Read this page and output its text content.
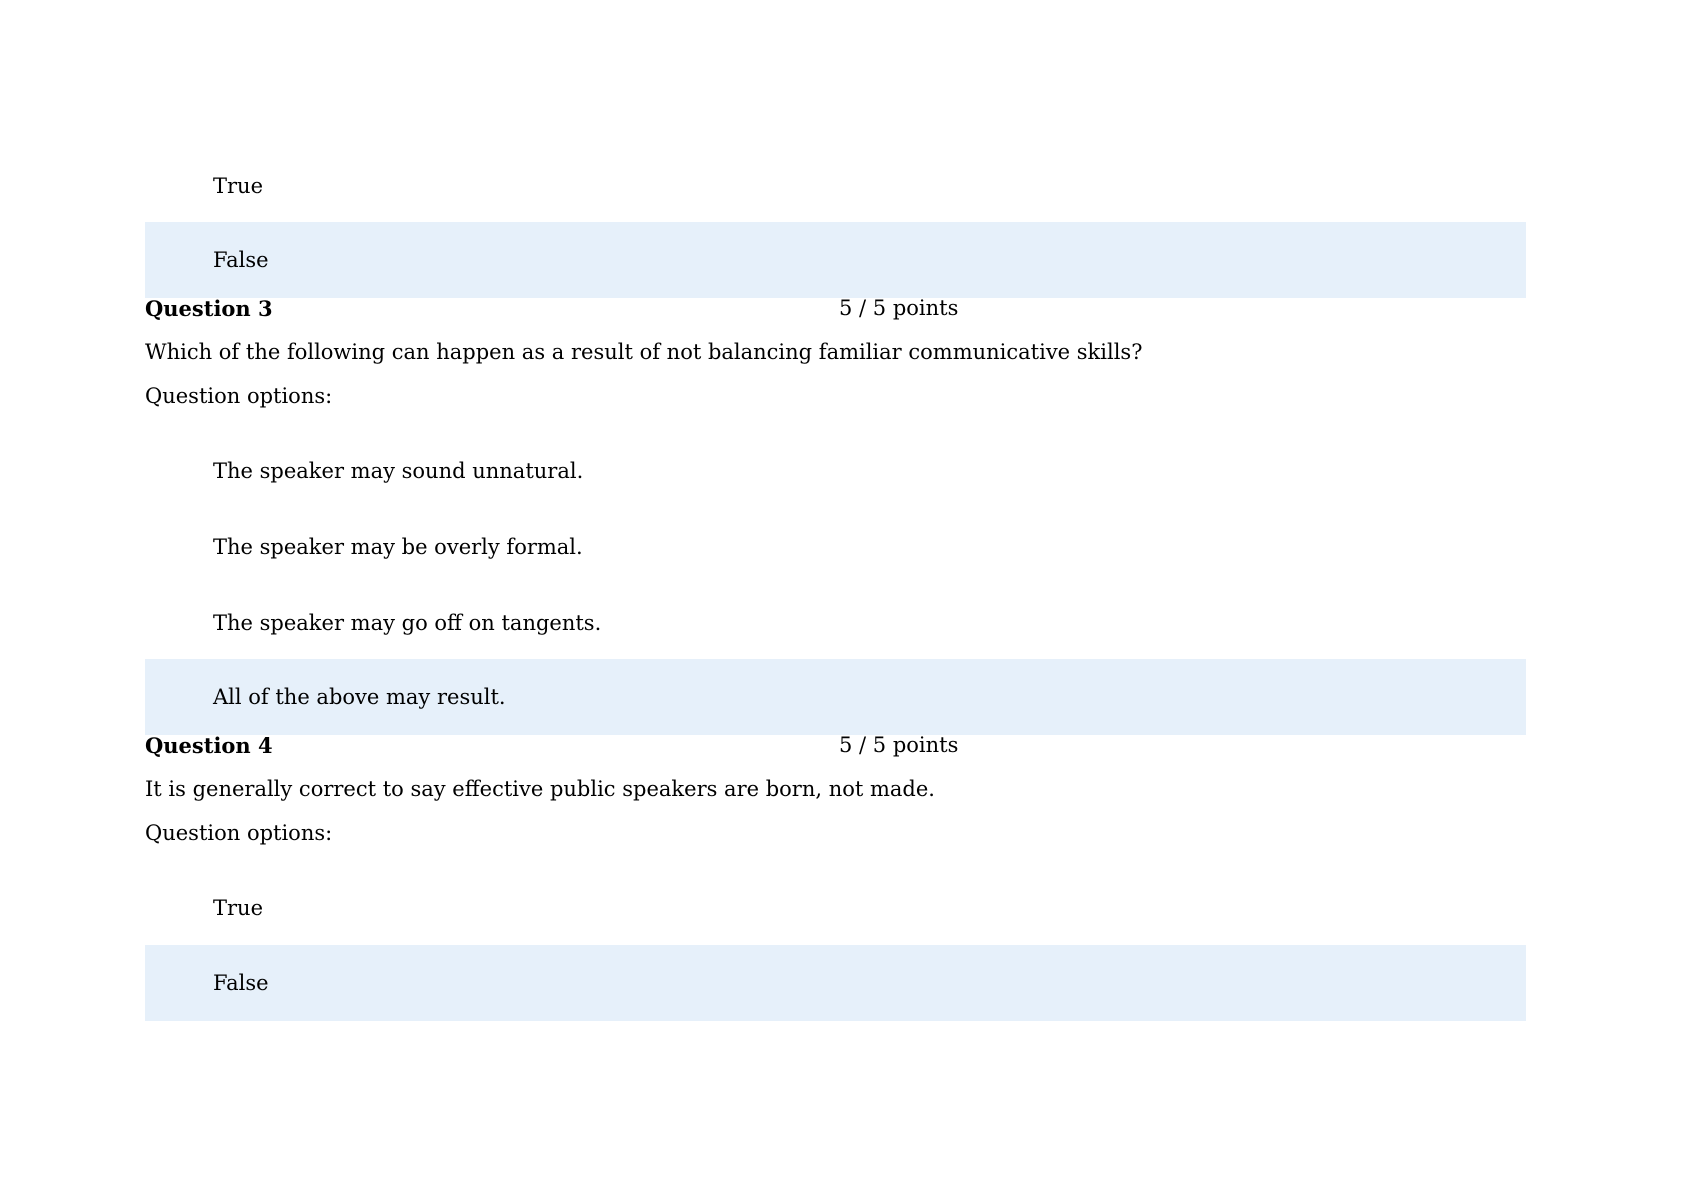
True
False
Question 3	5 / 5 points
Which of the following can happen as a result of not balancing familiar communicative skills?
Question options:
The speaker may sound unnatural.
The speaker may be overly formal.
The speaker may go off on tangents.
All of the above may result.
Question 4	5 / 5 points
It is generally correct to say effective public speakers are born, not made.
Question options:
True
False
